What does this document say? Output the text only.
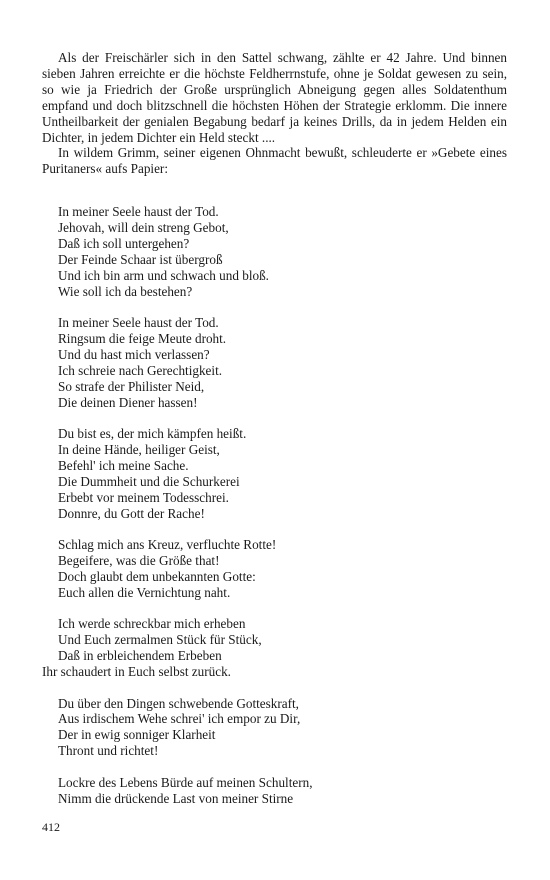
Als der Freischärler sich in den Sattel schwang, zählte er 42 Jahre. Und binnen sieben Jahren erreichte er die höchste Feldherrnstufe, ohne je Soldat gewesen zu sein, so wie ja Friedrich der Große ursprünglich Abneigung gegen alles Soldatenthum empfand und doch blitzschnell die höchsten Höhen der Strategie erklomm. Die innere Untheilbarkeit der genialen Begabung bedarf ja keines Drills, da in jedem Helden ein Dichter, in jedem Dichter ein Held steckt ....

In wildem Grimm, seiner eigenen Ohnmacht bewußt, schleuderte er »Gebete eines Puritaners« aufs Papier:

In meiner Seele haust der Tod.
Jehovah, will dein streng Gebot,
Daß ich soll untergehen?
Der Feinde Schaar ist übergroß
Und ich bin arm und schwach und bloß.
Wie soll ich da bestehen?
In meiner Seele haust der Tod.
Ringsum die feige Meute droht.
Und du hast mich verlassen?
Ich schreie nach Gerechtigkeit.
So strafe der Philister Neid,
Die deinen Diener hassen!
Du bist es, der mich kämpfen heißt.
In deine Hände, heiliger Geist,
Befehl' ich meine Sache.
Die Dummheit und die Schurkerei
Erbebt vor meinem Todesschrei.
Donnre, du Gott der Rache!
Schlag mich ans Kreuz, verfluchte Rotte!
Begeifere, was die Größe that!
Doch glaubt dem unbekannten Gotte:
Euch allen die Vernichtung naht.
Ich werde schreckbar mich erheben
Und Euch zermalmen Stück für Stück,
Daß in erbleichendem Erbeben
Ihr schaudert in Euch selbst zurück.
Du über den Dingen schwebende Gotteskraft,
Aus irdischem Wehe schrei' ich empor zu Dir,
Der in ewig sonniger Klarheit
Thront und richtet!
Lockre des Lebens Bürde auf meinen Schultern,
Nimm die drückende Last von meiner Stirne
412
